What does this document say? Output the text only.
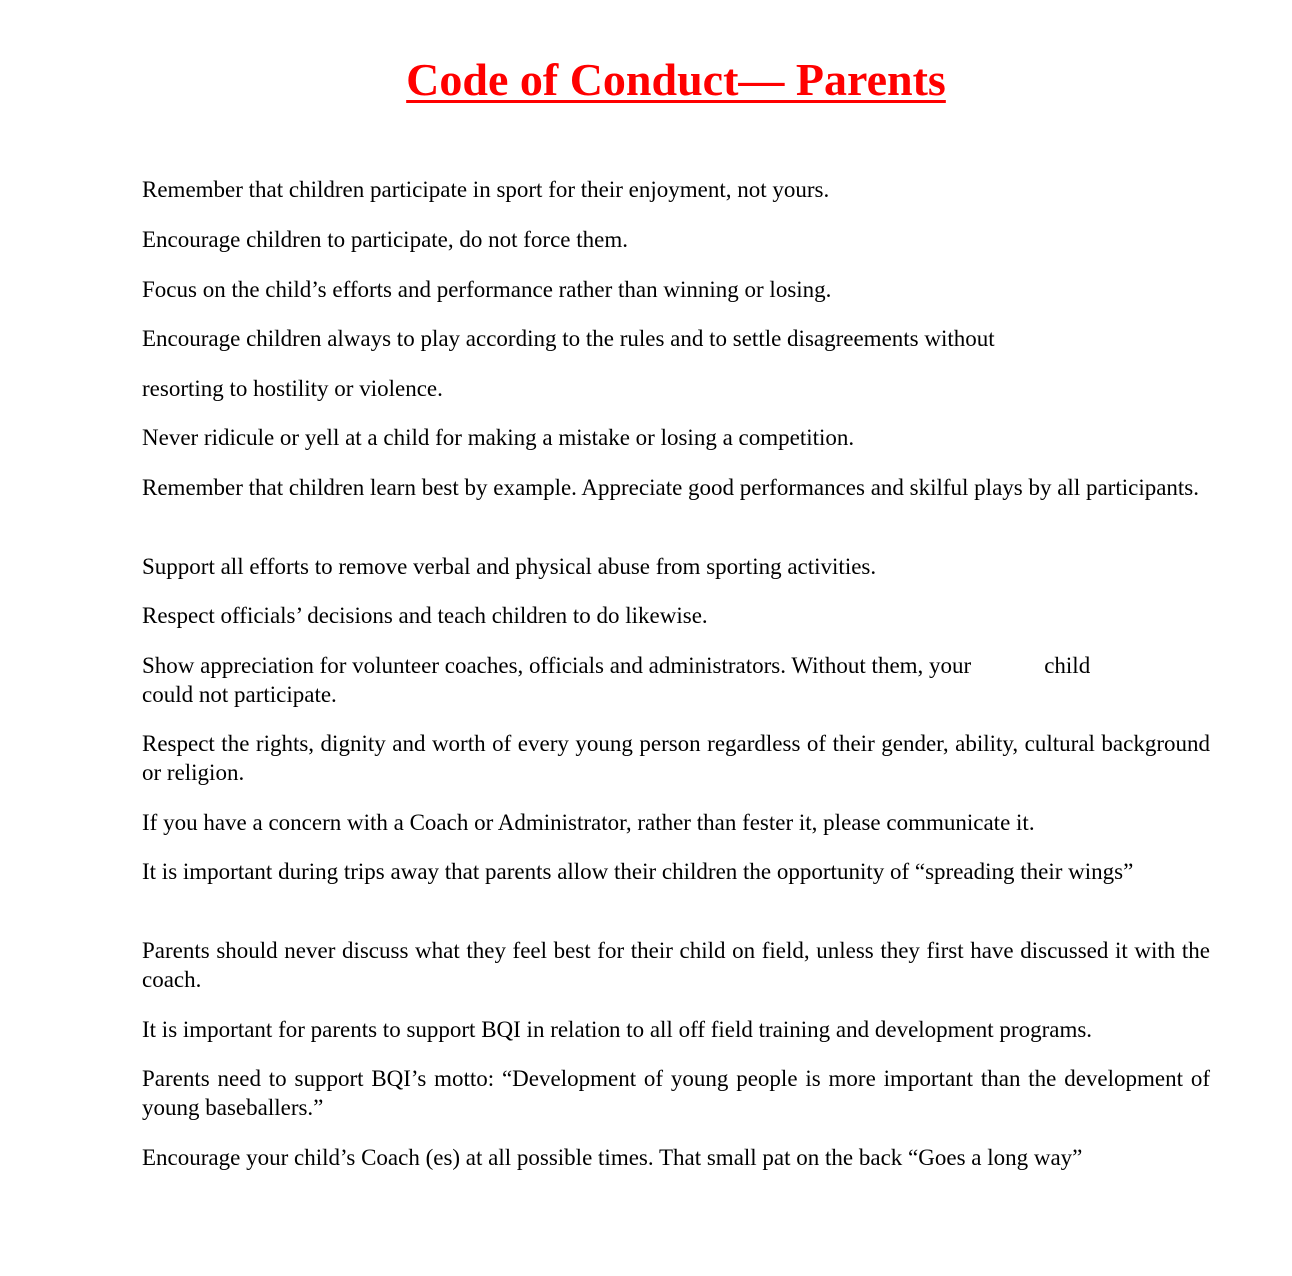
Code of Conduct— Parents

Remember that children participate in sport for their enjoyment, not yours.

Encourage children to participate, do not force them.

Focus on the child’s efforts and performance rather than winning or losing.

Encourage children always to play according to the rules and to settle disagreements without

resorting to hostility or violence.

Never ridicule or yell at a child for making a mistake or losing a competition.

Remember that children learn best by example. Appreciate good performances and skilful plays by all participants.

Support all efforts to remove verbal and physical abuse from sporting activities.

Respect officials’ decisions and teach children to do likewise.

Show appreciation for volunteer coaches, officials and administrators. Without them, your	child
could not participate.

Respect the rights, dignity and worth of every young person regardless of their gender, ability, cultural background or religion.

If you have a concern with a Coach or Administrator, rather than fester it, please communicate it.

It is important during trips away that parents allow their children the opportunity of “spreading their wings”

Parents should never discuss what they feel best for their child on field, unless they first have discussed it with the coach.

It is important for parents to support BQI in relation to all off field training and development programs.

Parents need to support BQI’s motto: “Development of young people is more important than the development of young baseballers.”

Encourage your child’s Coach (es) at all possible times. That small pat on the back “Goes a long way”
